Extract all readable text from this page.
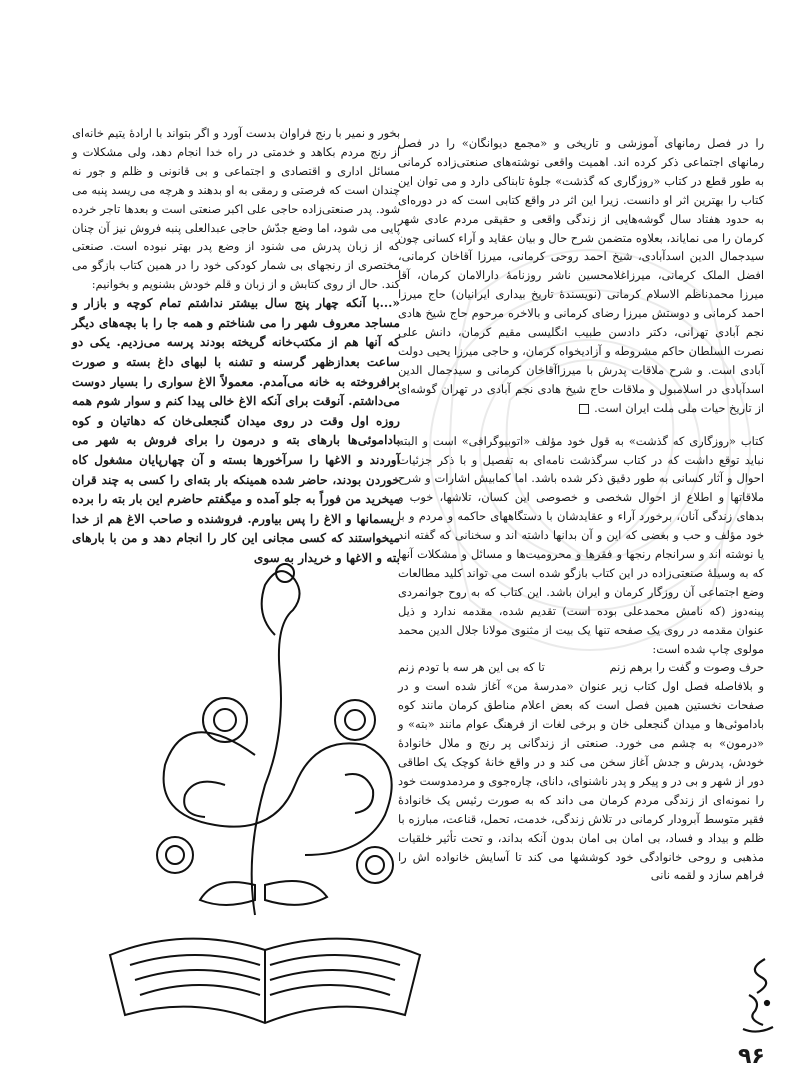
را در فصل رمانهای آموزشی و تاریخی و «مجمع دیوانگان» را در فصل رمانهای اجتماعی ذکر کرده اند. اهمیت واقعی نوشته‌های صنعتی‌زاده کرمانی به طور قطع در کتاب «روزگاری که گذشت» جلوهٔ تابناکی دارد و می توان این کتاب را بهترین اثر او دانست. زیرا این اثر در واقع کتابی است که در دوره‌ای به حدود هفتاد سال گوشه‌هایی از زندگی واقعی و حقیقی مردم عادی شهر کرمان را می نمایاند، بعلاوه متضمن شرح حال و بیان عقاید و آراء کسانی چون سیدجمال الدین اسدآبادی، شیخ احمد روحی کرمانی، میرزا آقاخان کرمانی، افضل الملک کرمانی، میرزاغلامحسین ناشر روزنامهٔ دارالامان کرمان، آقا میرزا محمدناظم الاسلام کرمانی (نویسندهٔ تاریخ بیداری ایرانیان) حاج میرزا احمد کرمانی و دوستش میرزا رضای کرمانی و بالاخره مرحوم حاج شیخ هادی نجم آبادی تهرانی، دکتر دادسن طبیب انگلیسی مقیم کرمان، دانش علی نصرت السلطان حاکم مشروطه و آزادیخواه کرمان، و حاجی میرزا یحیی دولت آبادی است. و شرح ملاقات پدرش با میرزاآقاخان کرمانی و سیدجمال الدین اسدآبادی در اسلامبول و ملاقات حاج شیخ هادی نجم آبادی در تهران گوشه‌ای از تاریخ حیات ملی ملت ایران است.

کتاب «روزگاری که گذشت» به قول خود مؤلف «اتوبیوگرافی» است و البته نباید توقع داشت که در کتاب سرگذشت نامه‌ای به تفصیل و با ذکر جزئیات احوال و آثار کسانی به طور دقیق ذکر شده باشد. اما کمابیش اشارات و شرح ملاقاتها و اطلاع از احوال شخصی و خصوصی این کسان، تلاشها، خوب و بدهای زندگی آنان، برخورد آراء و عقایدشان با دستگاههای حاکمه و مردم و با خود مؤلف و حب و بغضی که این و آن بدانها داشته اند و سخنانی که گفته اند یا نوشته اند و سرانجام رنجها و فقرها و محرومیت‌ها و مسائل و مشکلات آنها که به وسیلهٔ صنعتی‌زاده در این کتاب بازگو شده است می تواند کلید مطالعات وضع اجتماعی آن روزگار کرمان و ایران باشد. این کتاب که به روح جوانمردی پینه‌دوز (که نامش محمدعلی بوده است) تقدیم شده، مقدمه ندارد و ذیل عنوان مقدمه در روی یک صفحه تنها یک بیت از مثنوی مولانا جلال الدین محمد مولوی چاپ شده است:

حرف وصوت و گفت را برهم زنم
تا که بی این هر سه با تودم زنم

و بلافاصله فصل اول کتاب زیر عنوان «مدرسهٔ من» آغاز شده است و در صفحات نخستین همین فصل است که بعض اعلام مناطق کرمان مانند کوه باداموئی‌ها و میدان گنجعلی خان و برخی لغات از فرهنگ عوام مانند «بته» و «درمون» به چشم می خورد. صنعتی از زندگانی پر رنج و ملال خانوادهٔ خودش، پدرش و جدش آغاز سخن می کند و در واقع خانهٔ کوچک یک اطاقی دور از شهر و بی در و پیکر و پدر ناشنوای، دانای، چاره‌جوی و مردمدوست خود را نمونه‌ای از زندگی مردم کرمان می داند که به صورت رئیس یک خانوادهٔ فقیر متوسط آبرودار کرمانی در تلاش زندگی، خدمت، تحمل، قناعت، مبارزه با ظلم و بیداد و فساد، بی امان بی امان بدون آنکه بداند، و تحت تأثیر خلقیات مذهبی و روحی خانوادگی خود کوششها می کند تا آسایش خانواده اش را فراهم سازد و لقمه نانی

بخور و نمیر با رنج فراوان بدست آورد و اگر بتواند با ارادهٔ یتیم خانه‌ای از رنج مردم بکاهد و خدمتی در راه خدا انجام دهد، ولی مشکلات و مسائل اداری و اقتصادی و اجتماعی و بی قانونی و ظلم و جور نه چندان است که فرصتی و رمقی به او بدهند و هرچه می ریسد پنبه می شود. پدر صنعتی‌زاده حاجی علی اکبر صنعتی است و بعدها تاجر خرده پایی می شود، اما وضع جدّش حاجی عبدالعلی پنبه فروش نیز آن چنان که از زبان پدرش می شنود از وضع پدر بهتر نبوده است. صنعتی مختصری از رنجهای بی شمار کودکی خود را در همین کتاب بازگو می کند. حال از روی کتابش و از زبان و قلم خودش بشنویم و بخوانیم:

«...با آنکه چهار پنج سال بیشتر نداشتم تمام کوچه و بازار و مساجد معروف شهر را می شناختم و همه جا را با بچه‌های دیگر که آنها هم از مکتب‌خانه گریخته بودند پرسه می‌زدیم. یکی دو ساعت بعدازظهر گرسنه و تشنه با لبهای داغ بسته و صورت برافروخته به خانه می‌آمدم. معمولاً الاغ سواری را بسیار دوست می‌داشتم. آنوقت برای آنکه الاغ خالی پیدا کنم و سوار شوم همه روزه اول وقت در روی میدان گنجعلی‌خان که دهاتیان و کوه باداموئی‌ها بارهای بته و درمون را برای فروش به شهر می آوردند و الاغها را سرآخورها بسته و آن چهارپایان مشغول کاه خوردن بودند، حاضر شده همینکه بار بته‌ای را کسی به چند قران میخرید من فوراً به جلو آمده و میگفتم حاضرم این بار بته را برده ریسمانها و الاغ را پس بیاورم. فروشنده و صاحب الاغ هم از خدا میخواستند که کسی مجانی این کار را انجام دهد و من با بارهای بته و الاغها و خریدار به سوی

۹۶
